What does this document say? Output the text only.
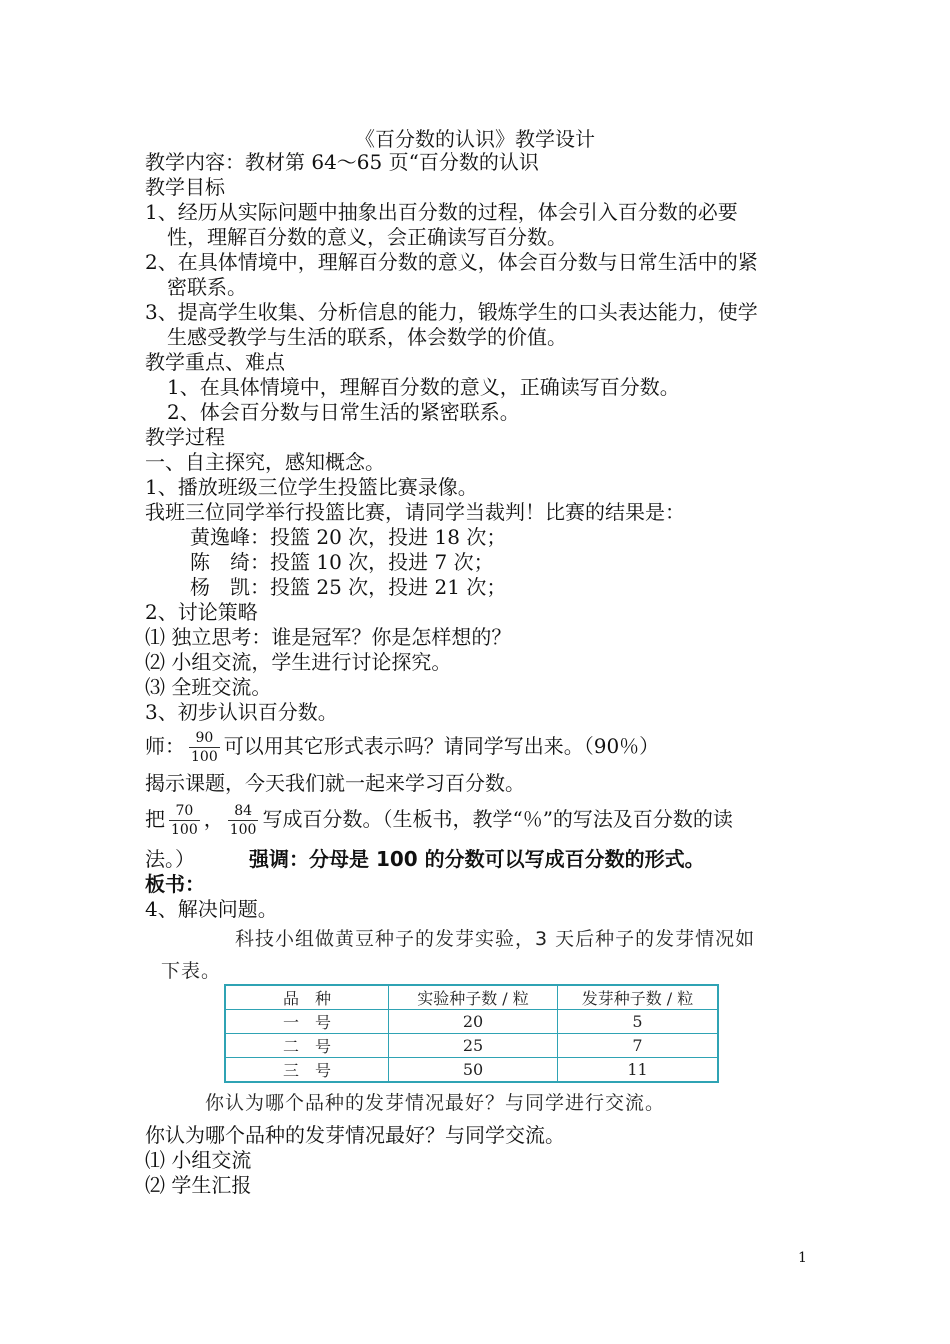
《百分数的认识》教学设计
教学内容：教材第 64～65 页“百分数的认识
教学目标
1、经历从实际问题中抽象出百分数的过程，体会引入百分数的必要
性，理解百分数的意义，会正确读写百分数。
2、在具体情境中，理解百分数的意义，体会百分数与日常生活中的紧
密联系。
3、提高学生收集、分析信息的能力，锻炼学生的口头表达能力，使学
生感受教学与生活的联系，体会数学的价值。
教学重点、难点
1、在具体情境中，理解百分数的意义，正确读写百分数。
2、体会百分数与日常生活的紧密联系。
教学过程
一、自主探究，感知概念。
1、播放班级三位学生投篮比赛录像。
我班三位同学举行投篮比赛，请同学当裁判！比赛的结果是：
黄逸峰：投篮 20 次，投进 18 次；
陈　绮：投篮 10 次，投进 7 次；
杨　凯：投篮 25 次，投进 21 次；
2、讨论策略
⑴ 独立思考：谁是冠军？你是怎样想的？
⑵ 小组交流，学生进行讨论探究。
⑶ 全班交流。
3、初步认识百分数。
师： $\frac{90}{100}$ 可以用其它形式表示吗？请同学写出来。（90％）
揭示课题，今天我们就一起来学习百分数。
把 $\frac{70}{100}$ ， $\frac{84}{100}$ 写成百分数。（生板书，教学“％”的写法及百分数的读
法。）	强调：分母是 100 的分数可以写成百分数的形式。
板书：
4、解决问题。
科技小组做黄豆种子的发芽实验，3 天后种子的发芽情况如
下表。
品　种	实验种子数 / 粒	发芽种子数 / 粒
一　号	20	5
二　号	25	7
三　号	50	11
你认为哪个品种的发芽情况最好？与同学进行交流。
你认为哪个品种的发芽情况最好？与同学交流。
⑴ 小组交流
⑵ 学生汇报
1
